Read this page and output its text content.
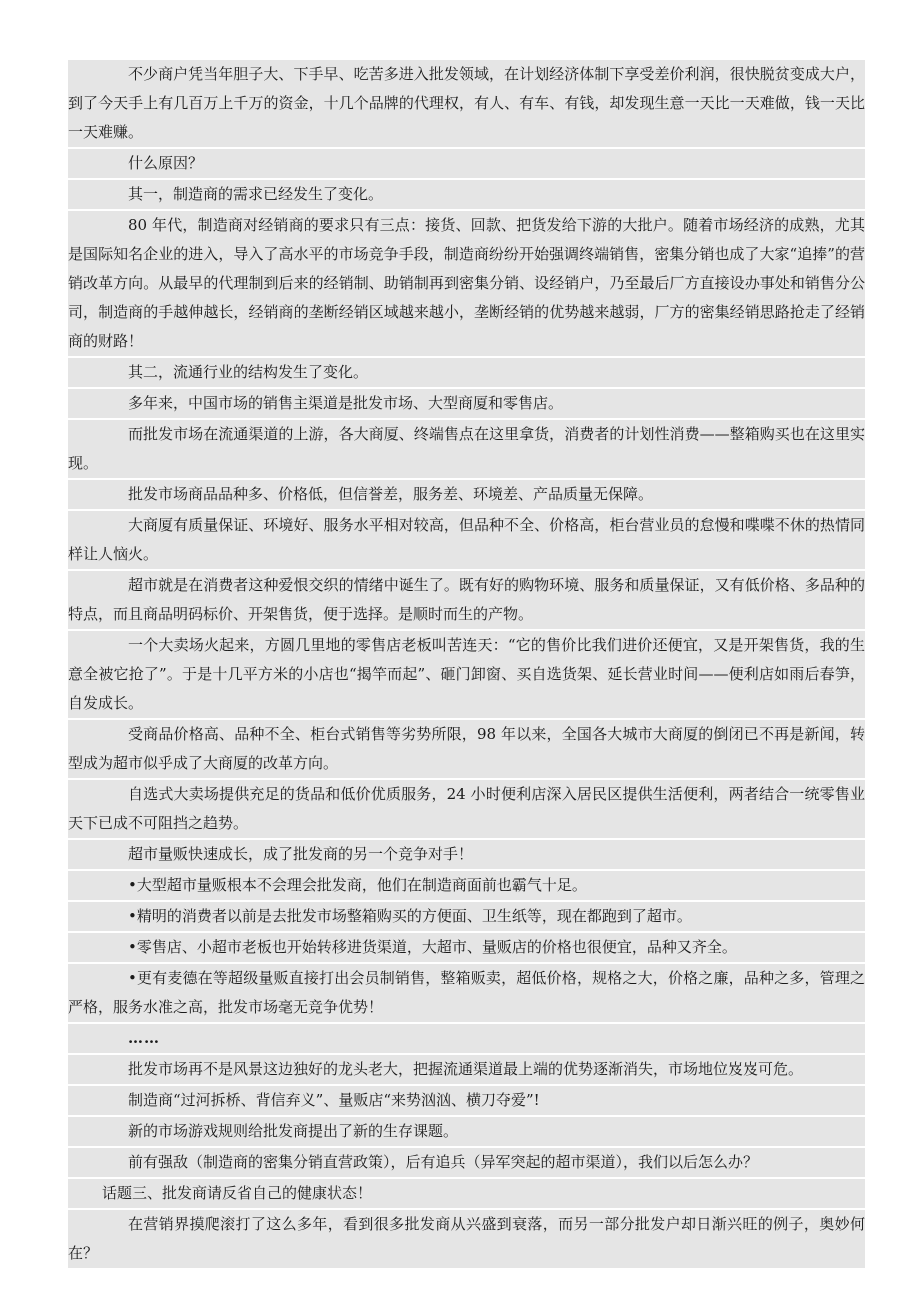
不少商户凭当年胆子大、下手早、吃苦多进入批发领域，在计划经济体制下享受差价利润，很快脱贫变成大户，到了今天手上有几百万上千万的资金，十几个品牌的代理权，有人、有车、有钱，却发现生意一天比一天难做，钱一天比一天难赚。

什么原因？

其一，制造商的需求已经发生了变化。

80 年代，制造商对经销商的要求只有三点：接货、回款、把货发给下游的大批户。随着市场经济的成熟，尤其是国际知名企业的进入，导入了高水平的市场竞争手段，制造商纷纷开始强调终端销售，密集分销也成了大家“追捧”的营销改革方向。从最早的代理制到后来的经销制、助销制再到密集分销、设经销户，乃至最后厂方直接设办事处和销售分公司，制造商的手越伸越长，经销商的垄断经销区域越来越小，垄断经销的优势越来越弱，厂方的密集经销思路抢走了经销商的财路！

其二，流通行业的结构发生了变化。

多年来，中国市场的销售主渠道是批发市场、大型商厦和零售店。

而批发市场在流通渠道的上游，各大商厦、终端售点在这里拿货，消费者的计划性消费——整箱购买也在这里实现。

批发市场商品品种多、价格低，但信誉差，服务差、环境差、产品质量无保障。

大商厦有质量保证、环境好、服务水平相对较高，但品种不全、价格高，柜台营业员的怠慢和喋喋不休的热情同样让人恼火。

超市就是在消费者这种爱恨交织的情绪中诞生了。既有好的购物环境、服务和质量保证，又有低价格、多品种的特点，而且商品明码标价、开架售货，便于选择。是顺时而生的产物。

一个大卖场火起来，方圆几里地的零售店老板叫苦连天：“它的售价比我们进价还便宜，又是开架售货，我的生意全被它抢了”。于是十几平方米的小店也“揭竿而起”、砸门卸窗、买自选货架、延长营业时间——便利店如雨后春笋，自发成长。

受商品价格高、品种不全、柜台式销售等劣势所限，98 年以来，全国各大城市大商厦的倒闭已不再是新闻，转型成为超市似乎成了大商厦的改革方向。

自选式大卖场提供充足的货品和低价优质服务，24 小时便利店深入居民区提供生活便利，两者结合一统零售业天下已成不可阻挡之趋势。

超市量贩快速成长，成了批发商的另一个竞争对手！

•大型超市量贩根本不会理会批发商，他们在制造商面前也霸气十足。

•精明的消费者以前是去批发市场整箱购买的方便面、卫生纸等，现在都跑到了超市。

•零售店、小超市老板也开始转移进货渠道，大超市、量贩店的价格也很便宜，品种又齐全。

•更有麦德在等超级量贩直接打出会员制销售，整箱贩卖，超低价格，规格之大，价格之廉，品种之多，管理之严格，服务水准之高，批发市场毫无竞争优势！

……

批发市场再不是风景这边独好的龙头老大，把握流通渠道最上端的优势逐渐消失，市场地位岌岌可危。

制造商“过河拆桥、背信弃义”、量贩店“来势汹汹、横刀夺爱”!

新的市场游戏规则给批发商提出了新的生存课题。

前有强敌（制造商的密集分销直营政策），后有追兵（异军突起的超市渠道），我们以后怎么办？

话题三、批发商请反省自己的健康状态！

在营销界摸爬滚打了这么多年，看到很多批发商从兴盛到衰落，而另一部分批发户却日渐兴旺的例子，奥妙何在？
